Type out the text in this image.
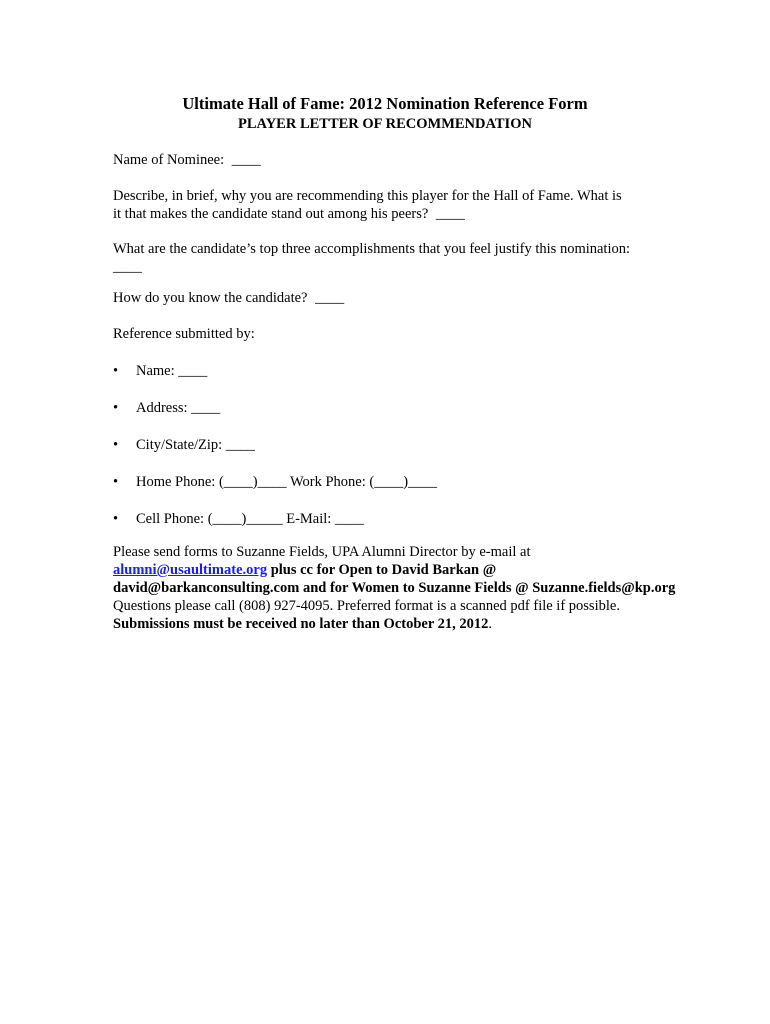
Ultimate Hall of Fame: 2012 Nomination Reference Form
PLAYER LETTER OF RECOMMENDATION
Name of Nominee: ____
Describe, in brief, why you are recommending this player for the Hall of Fame. What is
it that makes the candidate stand out among his peers? ____
What are the candidate’s top three accomplishments that you feel justify this nomination:
____
How do you know the candidate? ____
Reference submitted by:
•	Name: ____
•	Address: ____
•	City/State/Zip: ____
•	Home Phone: (____)____ Work Phone: (____)____
•	Cell Phone: (____)_____ E-Mail: ____
Please send forms to Suzanne Fields, UPA Alumni Director by e-mail at
alumni@usaultimate.org plus cc for Open to David Barkan @
david@barkanconsulting.com and for Women to Suzanne Fields @ Suzanne.fields@kp.org
Questions please call (808) 927-4095. Preferred format is a scanned pdf file if possible.
Submissions must be received no later than October 21, 2012.
